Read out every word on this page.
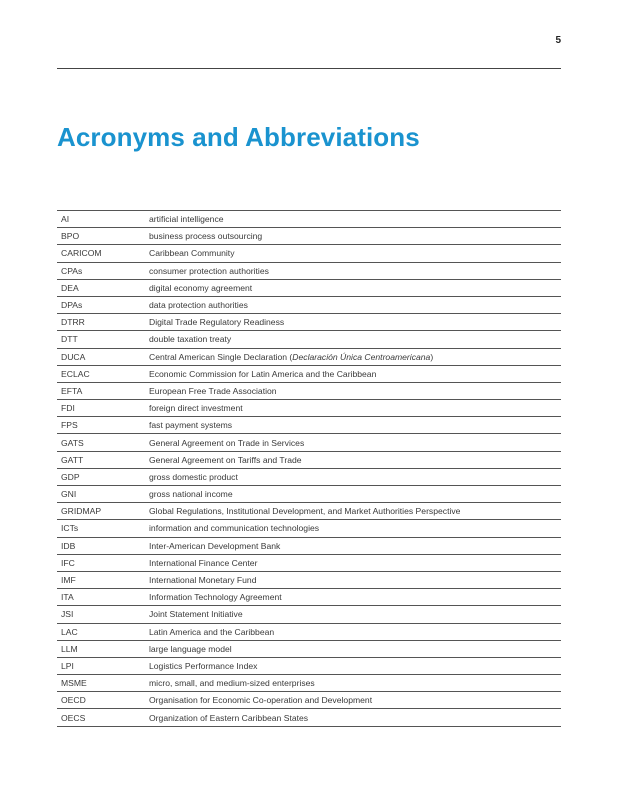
5
Acronyms and Abbreviations
AI	artificial intelligence
BPO	business process outsourcing
CARICOM	Caribbean Community
CPAs	consumer protection authorities
DEA	digital economy agreement
DPAs	data protection authorities
DTRR	Digital Trade Regulatory Readiness
DTT	double taxation treaty
DUCA	Central American Single Declaration (Declaración Única Centroamericana)
ECLAC	Economic Commission for Latin America and the Caribbean
EFTA	European Free Trade Association
FDI	foreign direct investment
FPS	fast payment systems
GATS	General Agreement on Trade in Services
GATT	General Agreement on Tariffs and Trade
GDP	gross domestic product
GNI	gross national income
GRIDMAP	Global Regulations, Institutional Development, and Market Authorities Perspective
ICTs	information and communication technologies
IDB	Inter-American Development Bank
IFC	International Finance Center
IMF	International Monetary Fund
ITA	Information Technology Agreement
JSI	Joint Statement Initiative
LAC	Latin America and the Caribbean
LLM	large language model
LPI	Logistics Performance Index
MSME	micro, small, and medium-sized enterprises
OECD	Organisation for Economic Co-operation and Development
OECS	Organization of Eastern Caribbean States
